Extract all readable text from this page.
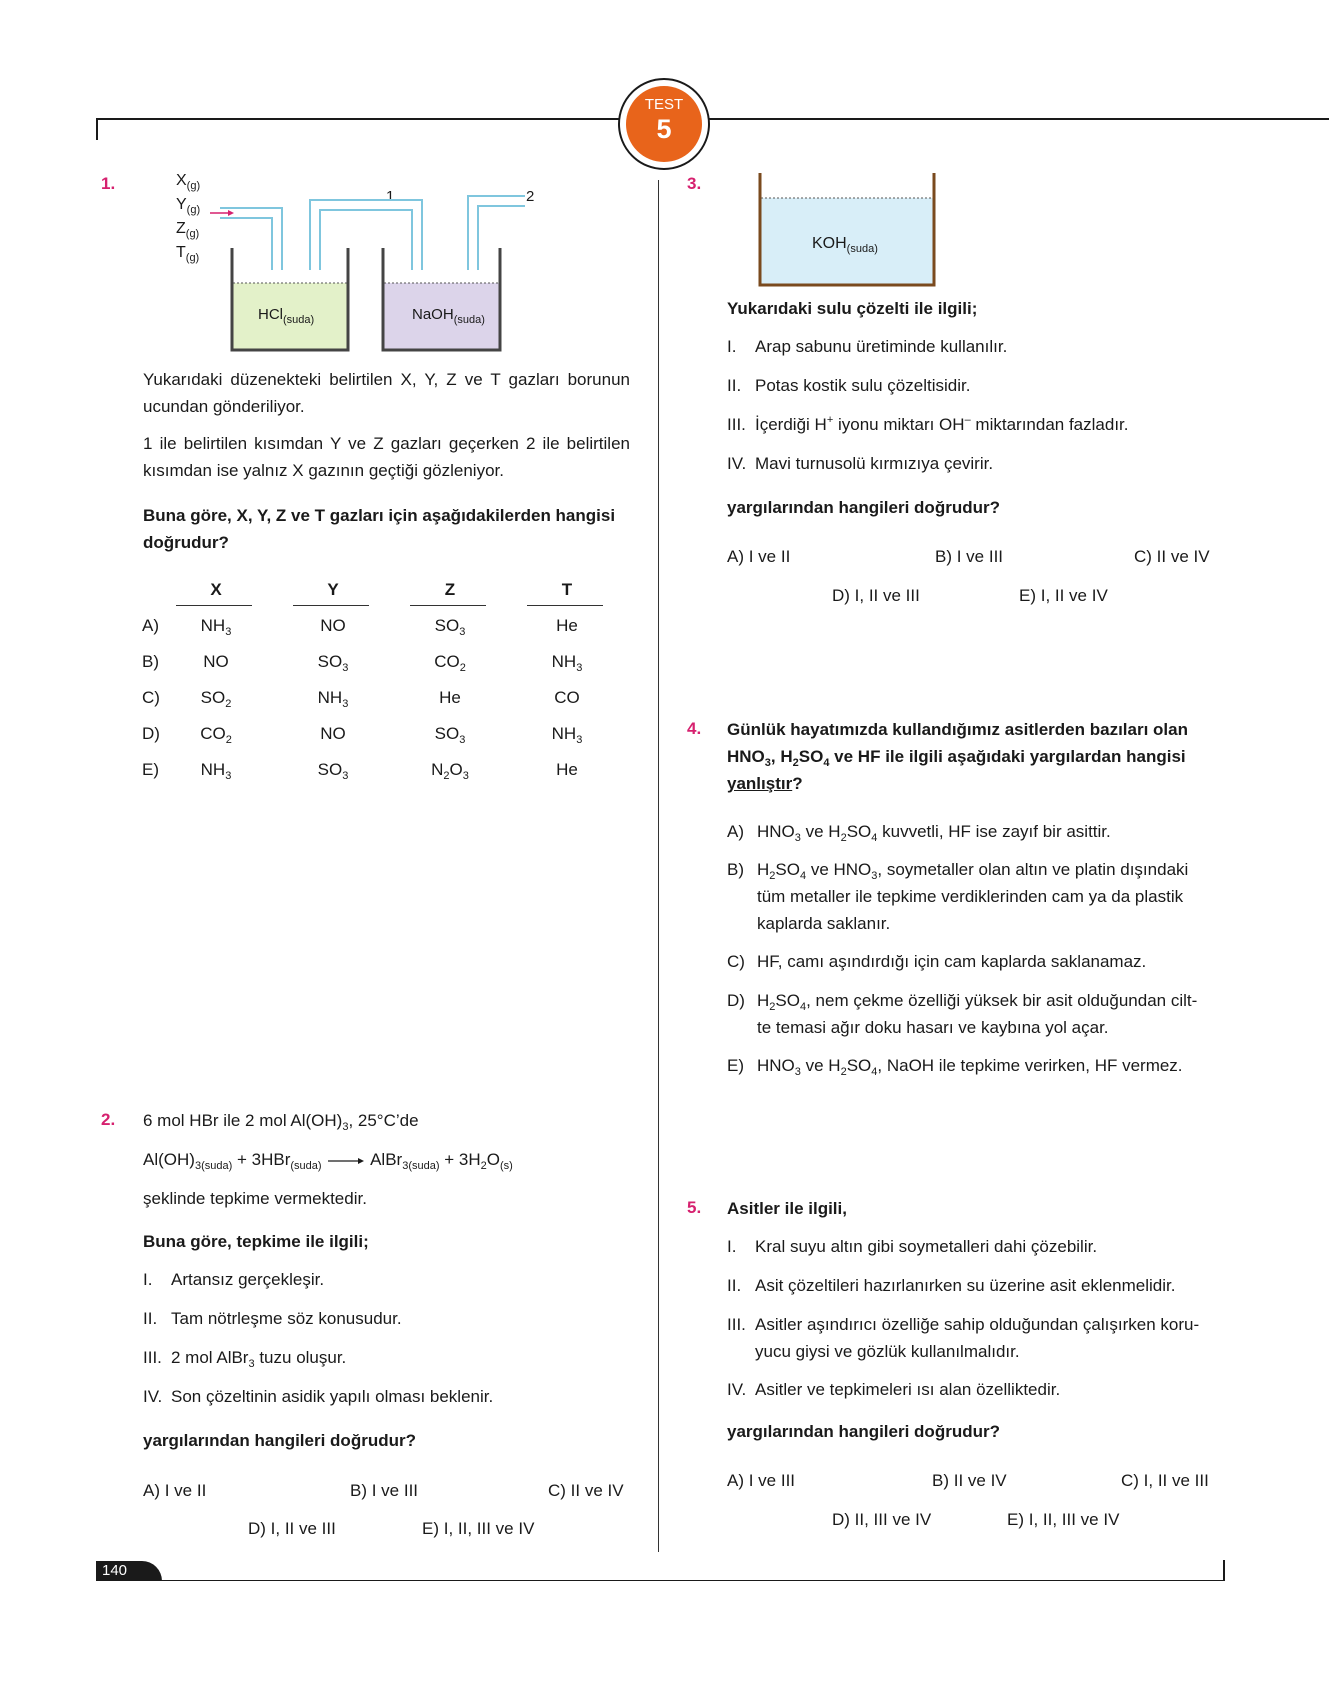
TEST
5
1.	$X_{(g)}$
$Y_{(g)}$
$Z_{(g)}$
$T_{(g)}$
1	2
HCl$_{(suda)}$	NaOH$_{(suda)}$
Yukarıdaki düzenekteki belirtilen X, Y, Z ve T gazları borunun ucundan gönderiliyor.
1 ile belirtilen kısımdan Y ve Z gazları geçerken 2 ile belirtilen kısımdan ise yalnız X gazının geçtiği gözleniyor.
Buna göre, X, Y, Z ve T gazları için aşağıdakilerden hangisi doğrudur?
X	Y	Z	T
A)	$NH_3$	NO	$SO_3$	He
B)	NO	$SO_3$	$CO_2$	$NH_3$
C)	$SO_2$	$NH_3$	He	CO
D)	$CO_2$	NO	$SO_3$	$NH_3$
E)	$NH_3$	$SO_3$	$N_2O_3$	He
2. 6 mol HBr ile 2 mol $Al(OH)_3$, 25°C’de
$Al(OH)_{3(suda)} + 3HBr_{(suda)}$ → AlBr$_{3(suda)}$ + $3H_2O_{(s)}$
şeklinde tepkime vermektedir.
Buna göre, tepkime ile ilgili;
I. Artansız gerçekleşir.
II. Tam nötrleşme söz konusudur.
III. 2 mol AlBr$_3$ tuzu oluşur.
IV. Son çözeltinin asidik yapılı olması beklenir.
yargılarından hangileri doğrudur?
A) I ve II	B) I ve III	C) II ve IV
D) I, II ve III	E) I, II, III ve IV
3.
$KOH_{(suda)}$
Yukarıdaki sulu çözelti ile ilgili;
I. Arap sabunu üretiminde kullanılır.
II. Potas kostik sulu çözeltisidir.
III. İçerdiği H+ iyonu miktarı OH– miktarından fazladır.
IV. Mavi turnusolü kırmızıya çevirir.
yargılarından hangileri doğrudur?
A) I ve II	B) I ve III	C) II ve IV
D) I, II ve III	E) I, II ve IV
4. Günlük hayatımızda kullandığımız asitlerden bazıları olan
$HNO_3$, $H_2SO_4$ ve HF ile ilgili aşağıdaki yargılardan hangisi
yanlıştır?
A) $HNO_3$ ve $H_2SO_4$ kuvvetli, HF ise zayıf bir asittir.
B) $H_2SO_4$ ve $HNO_3$, soymetaller olan altın ve platin dışındaki
tüm metaller ile tepkime verdiklerinden cam ya da plastik
kaplarda saklanır.
C) HF, camı aşındırdığı için cam kaplarda saklanamaz.
D) $H_2SO_4$, nem çekme özelliği yüksek bir asit olduğundan cilt-
te temasi ağır doku hasarı ve kaybına yol açar.
E) $HNO_3$ ve $H_2SO_4$, NaOH ile tepkime verirken, HF vermez.
5. Asitler ile ilgili,
I. Kral suyu altın gibi soymetalleri dahi çözebilir.
II. Asit çözeltileri hazırlanırken su üzerine asit eklenmelidir.
III. Asitler aşındırıcı özelliğe sahip olduğundan çalışırken koru-
yucu giysi ve gözlük kullanılmalıdır.
IV. Asitler ve tepkimeleri ısı alan özelliktedir.
yargılarından hangileri doğrudur?
A) I ve III	B) II ve IV	C) I, II ve III
D) II, III ve IV	E) I, II, III ve IV
140
